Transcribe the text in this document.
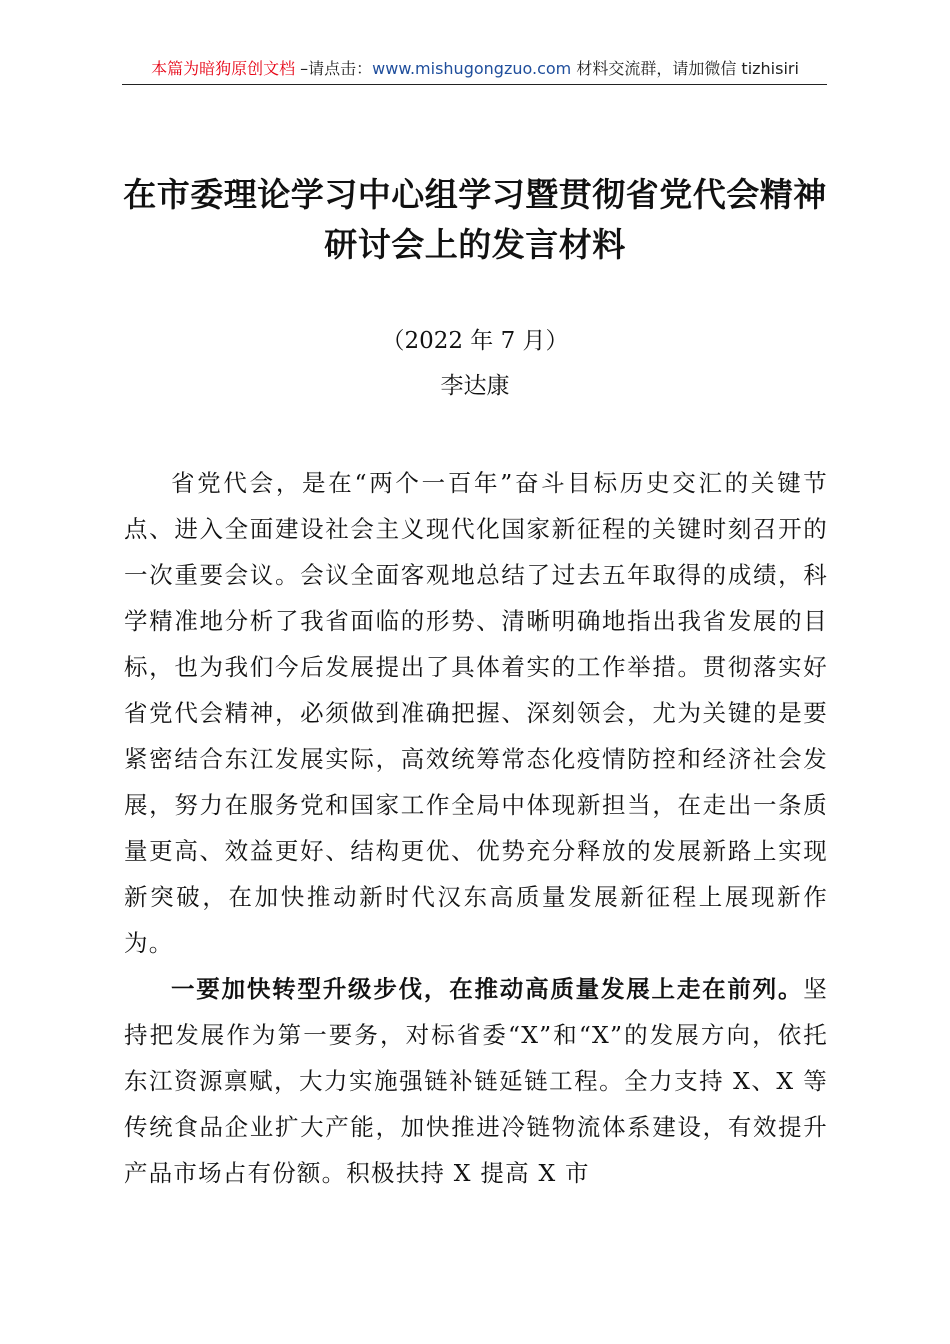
本篇为暗狗原创文档 –请点击：www.mishugongzuo.com 材料交流群，请加微信 tizhisiri
在市委理论学习中心组学习暨贯彻省党代会精神研讨会上的发言材料
（2022 年 7 月）
李达康
省党代会，是在“两个一百年”奋斗目标历史交汇的关键节点、进入全面建设社会主义现代化国家新征程的关键时刻召开的一次重要会议。会议全面客观地总结了过去五年取得的成绩，科学精准地分析了我省面临的形势、清晰明确地指出我省发展的目标，也为我们今后发展提出了具体着实的工作举措。贯彻落实好省党代会精神，必须做到准确把握、深刻领会，尤为关键的是要紧密结合东江发展实际，高效统筹常态化疫情防控和经济社会发展，努力在服务党和国家工作全局中体现新担当，在走出一条质量更高、效益更好、结构更优、优势充分释放的发展新路上实现新突破，在加快推动新时代汉东高质量发展新征程上展现新作为。
一要加快转型升级步伐，在推动高质量发展上走在前列。坚持把发展作为第一要务，对标省委“X”和“X”的发展方向，依托东江资源禀赋，大力实施强链补链延链工程。全力支持 X、X 等传统食品企业扩大产能，加快推进冷链物流体系建设，有效提升产品市场占有份额。积极扶持 X 提高 X 市
